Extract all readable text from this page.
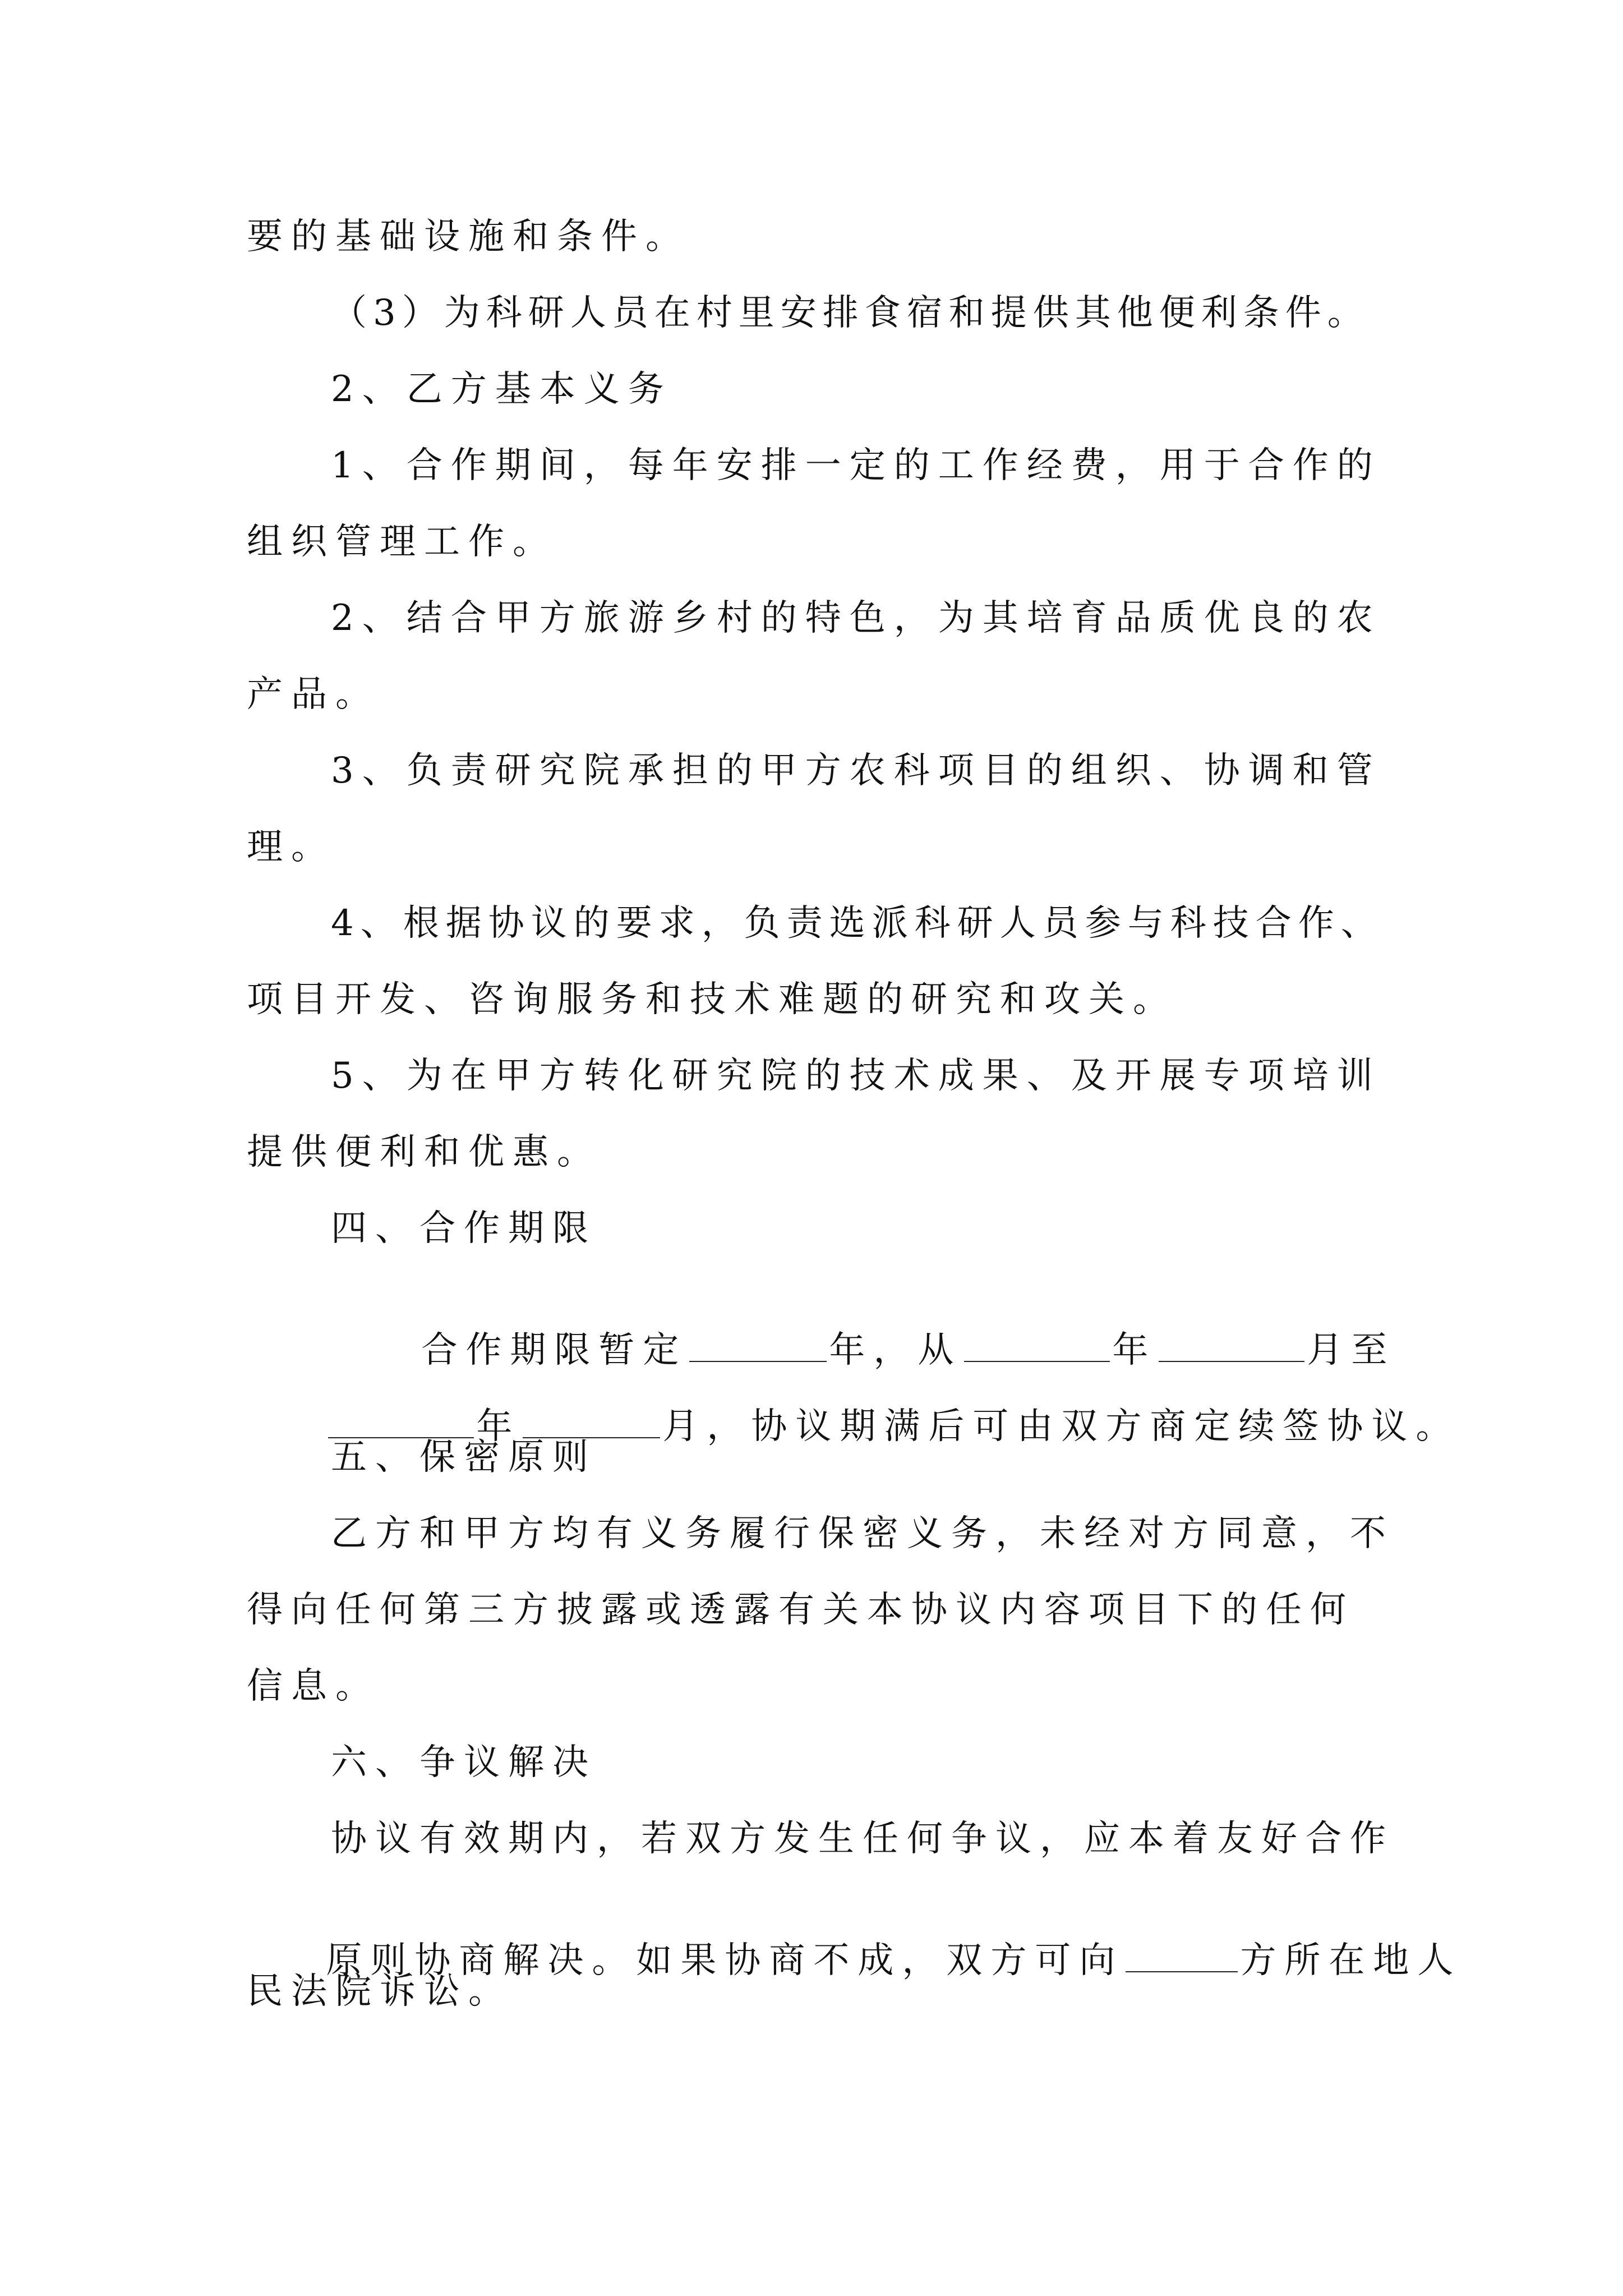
要的基础设施和条件。
（3）为科研人员在村里安排食宿和提供其他便利条件。
2、乙方基本义务
1、合作期间，每年安排一定的工作经费，用于合作的
组织管理工作。
2、结合甲方旅游乡村的特色，为其培育品质优良的农
产品。
3、负责研究院承担的甲方农科项目的组织、协调和管
理。
4、根据协议的要求，负责选派科研人员参与科技合作、
项目开发、咨询服务和技术难题的研究和攻关。
5、为在甲方转化研究院的技术成果、及开展专项培训
提供便利和优惠。
四、合作期限

合作期限暂定	年，从	年	月至

年	月，协议期满后可由双方商定续签协议。

五、保密原则
乙方和甲方均有义务履行保密义务，未经对方同意，不
得向任何第三方披露或透露有关本协议内容项目下的任何
信息。
六、争议解决
协议有效期内，若双方发生任何争议，应本着友好合作

原则协商解决。如果协商不成，双方可向	方所在地人

民法院诉讼。
